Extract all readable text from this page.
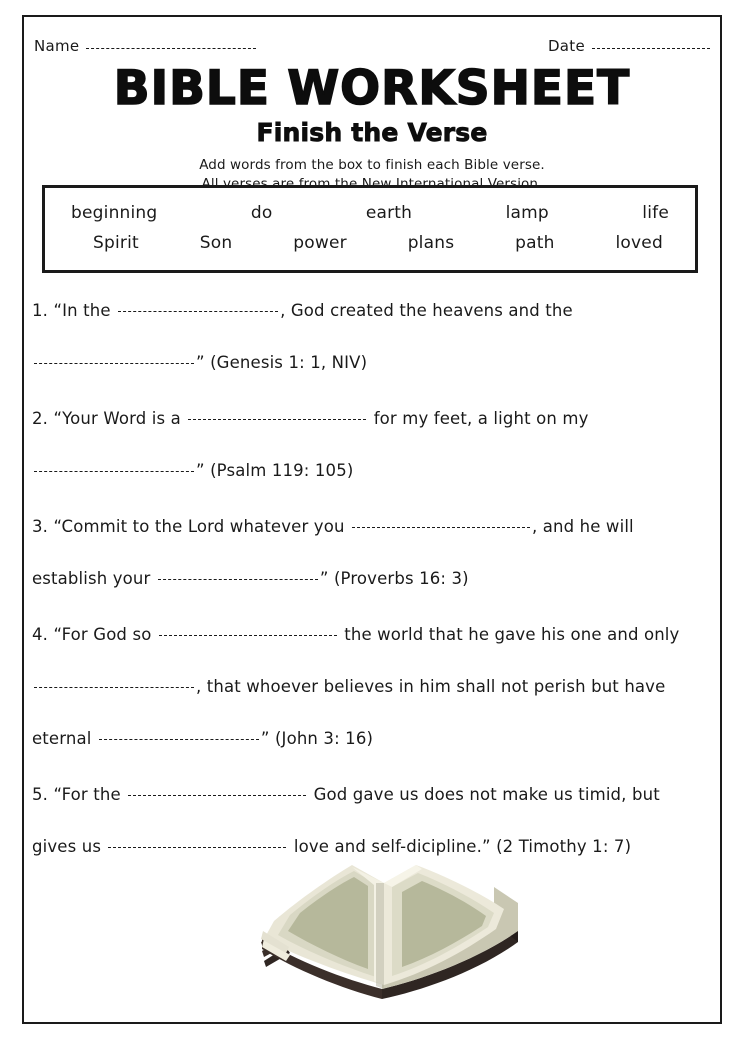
Name	Date
BIBLE WORKSHEET
Finish the Verse
Add words from the box to finish each Bible verse.
beginning	do	earth	lamp	life
Spirit	Son	power	plans	path	loved
1. “In the	, God created the heavens and the
” (Genesis 1: 1, NIV)
2. “Your Word is a	for my feet, a light on my
” (Psalm 119: 105)
3. “Commit to the Lord whatever you	, and he will
establish your	” (Proverbs 16: 3)
4. “For God so	the world that he gave his one and only
, that whoever believes in him shall not perish but have
eternal	” (John 3: 16)
5. “For the	God gave us does not make us timid, but
gives us	love and self-dicipline.” (2 Timothy 1: 7)
